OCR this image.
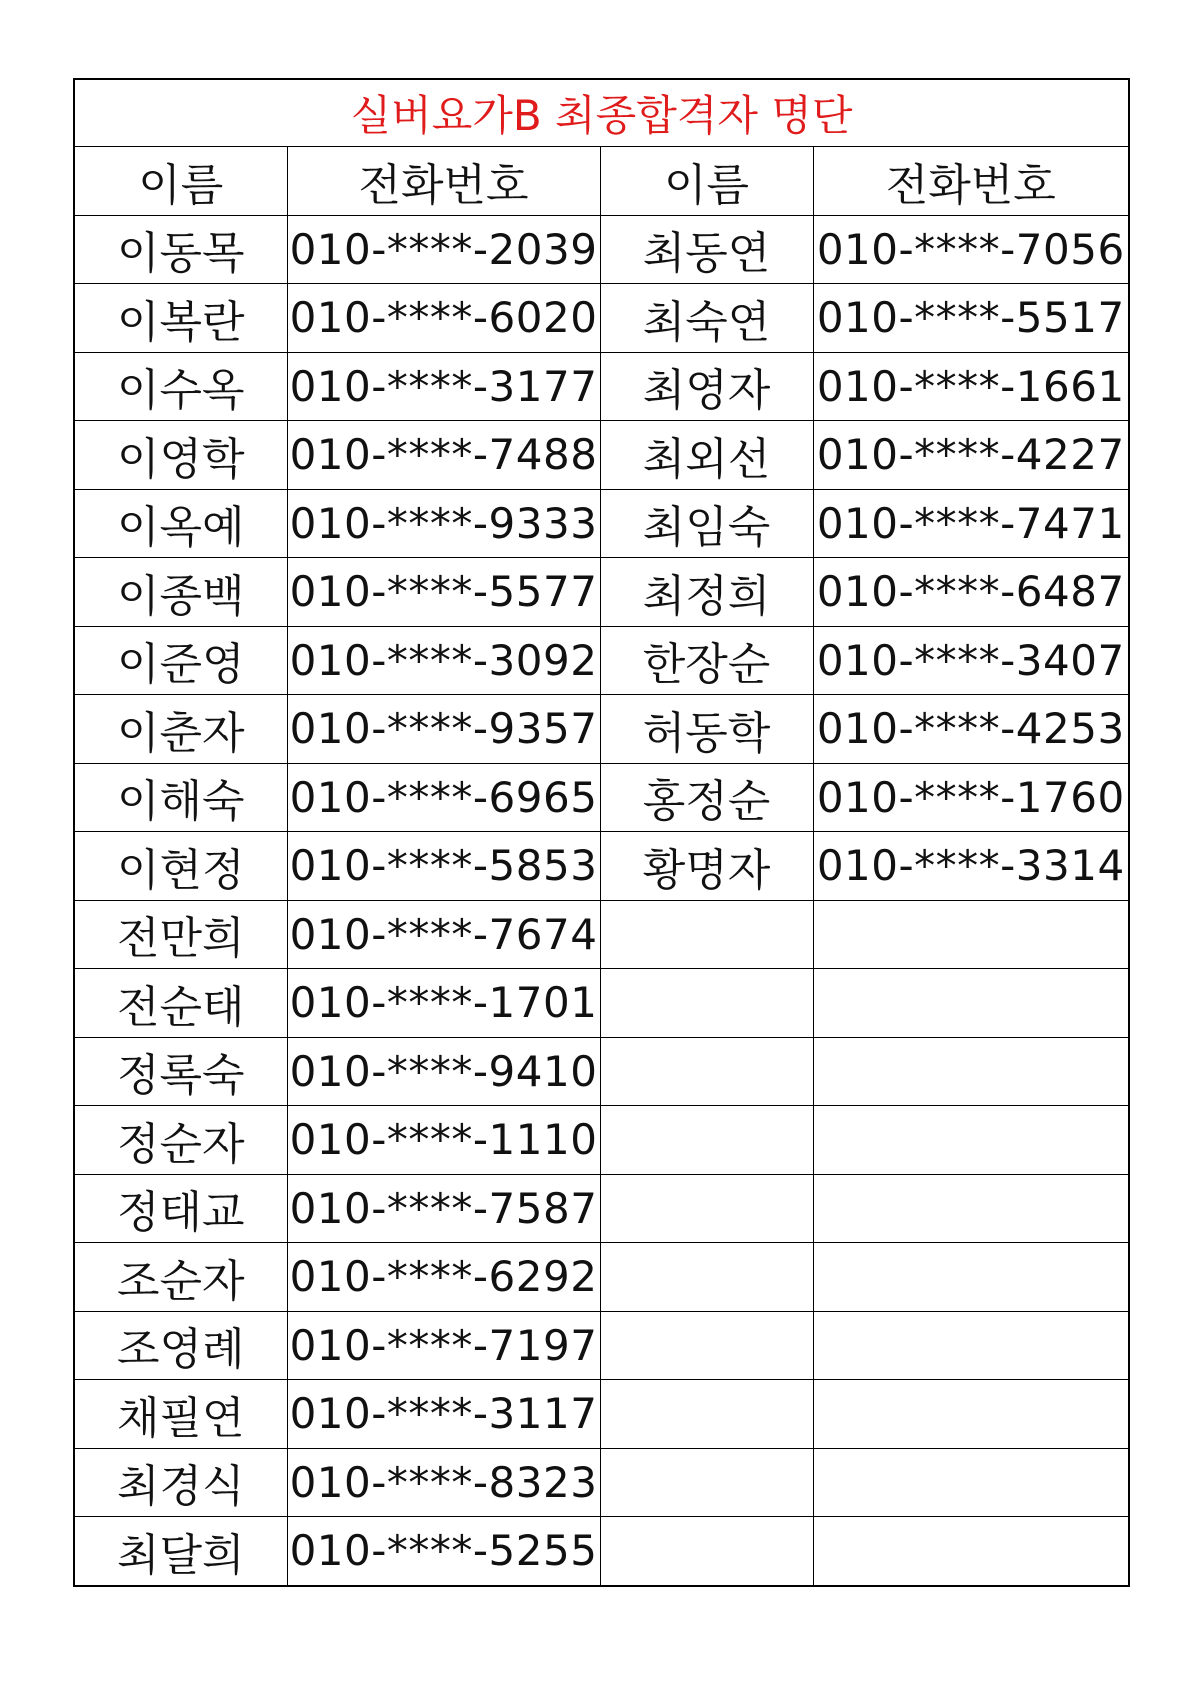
실버요가B 최종합격자 명단			
이름	전화번호	이름	전화번호
이동목	010-****-2039	최동연	010-****-7056
이복란	010-****-6020	최숙연	010-****-5517
이수옥	010-****-3177	최영자	010-****-1661
이영학	010-****-7488	최외선	010-****-4227
이옥예	010-****-9333	최임숙	010-****-7471
이종백	010-****-5577	최정희	010-****-6487
이준영	010-****-3092	한장순	010-****-3407
이춘자	010-****-9357	허동학	010-****-4253
이해숙	010-****-6965	홍정순	010-****-1760
이현정	010-****-5853	황명자	010-****-3314
전만희	010-****-7674		
전순태	010-****-1701		
정록숙	010-****-9410		
정순자	010-****-1110		
정태교	010-****-7587		
조순자	010-****-6292		
조영례	010-****-7197		
채필연	010-****-3117		
최경식	010-****-8323		
최달희	010-****-5255		
